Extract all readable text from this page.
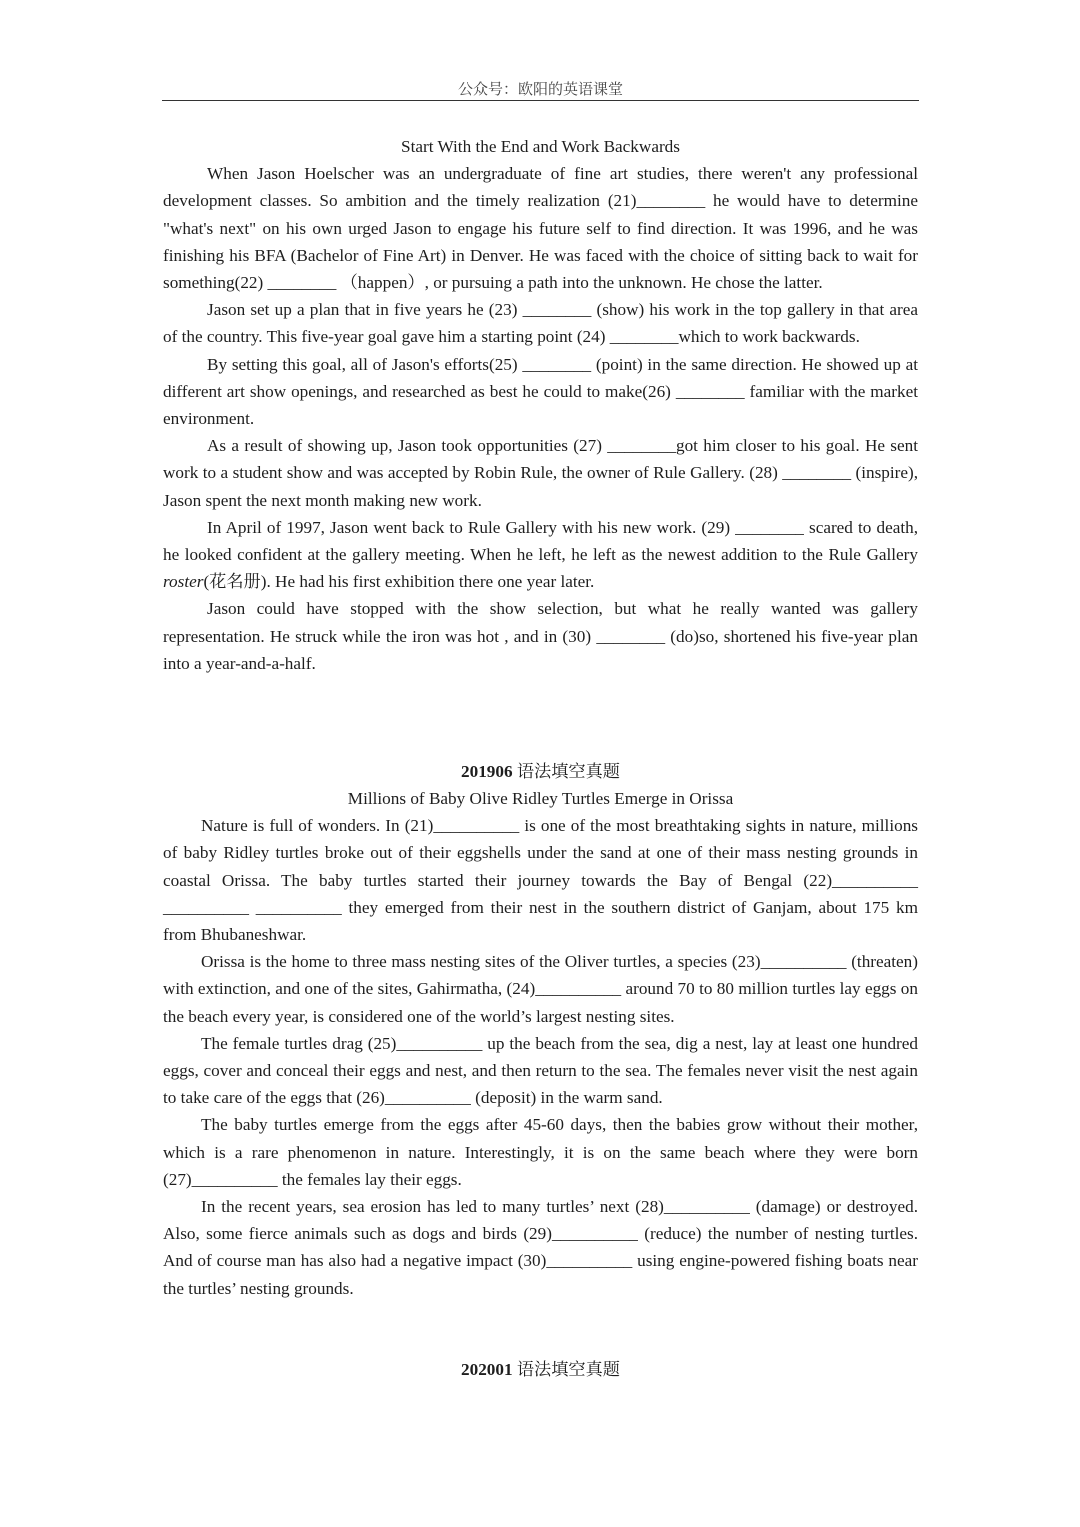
公众号：欧阳的英语课堂

Start With the End and Work Backwards

When Jason Hoelscher was an undergraduate of fine art studies, there weren't any professional development classes. So ambition and the timely realization (21)________ he would have to determine "what's next" on his own urged Jason to engage his future self to find direction. It was 1996, and he was finishing his BFA (Bachelor of Fine Art) in Denver. He was faced with the choice of sitting back to wait for something(22) ________ （happen）, or pursuing a path into the unknown. He chose the latter.

Jason set up a plan that in five years he (23) ________ (show) his work in the top gallery in that area of the country. This five-year goal gave him a starting point (24) ________which to work backwards.

By setting this goal, all of Jason's efforts(25) ________ (point) in the same direction. He showed up at different art show openings, and researched as best he could to make(26) ________ familiar with the market environment.

As a result of showing up, Jason took opportunities (27) ________got him closer to his goal. He sent work to a student show and was accepted by Robin Rule, the owner of Rule Gallery. (28) ________ (inspire), Jason spent the next month making new work.

In April of 1997, Jason went back to Rule Gallery with his new work. (29) ________ scared to death, he looked confident at the gallery meeting. When he left, he left as the newest addition to the Rule Gallery roster(花名册). He had his first exhibition there one year later.

Jason could have stopped with the show selection, but what he really wanted was gallery representation. He struck while the iron was hot , and in (30) ________ (do)so, shortened his five-year plan into a year-and-a-half.

201906 语法填空真题

Millions of Baby Olive Ridley Turtles Emerge in Orissa

Nature is full of wonders. In (21)__________ is one of the most breathtaking sights in nature, millions of baby Ridley turtles broke out of their eggshells under the sand at one of their mass nesting grounds in coastal Orissa. The baby turtles started their journey towards the Bay of Bengal (22)__________ __________ __________ they emerged from their nest in the southern district of Ganjam, about 175 km from Bhubaneshwar.

Orissa is the home to three mass nesting sites of the Oliver turtles, a species (23)__________ (threaten) with extinction, and one of the sites, Gahirmatha, (24)__________ around 70 to 80 million turtles lay eggs on the beach every year, is considered one of the world’s largest nesting sites.

The female turtles drag (25)__________ up the beach from the sea, dig a nest, lay at least one hundred eggs, cover and conceal their eggs and nest, and then return to the sea. The females never visit the nest again to take care of the eggs that (26)__________ (deposit) in the warm sand.

The baby turtles emerge from the eggs after 45-60 days, then the babies grow without their mother, which is a rare phenomenon in nature. Interestingly, it is on the same beach where they were born (27)__________ the females lay their eggs.

In the recent years, sea erosion has led to many turtles’ next (28)__________ (damage) or destroyed. Also, some fierce animals such as dogs and birds (29)__________ (reduce) the number of nesting turtles. And of course man has also had a negative impact (30)__________ using engine-powered fishing boats near the turtles’ nesting grounds.

202001 语法填空真题
